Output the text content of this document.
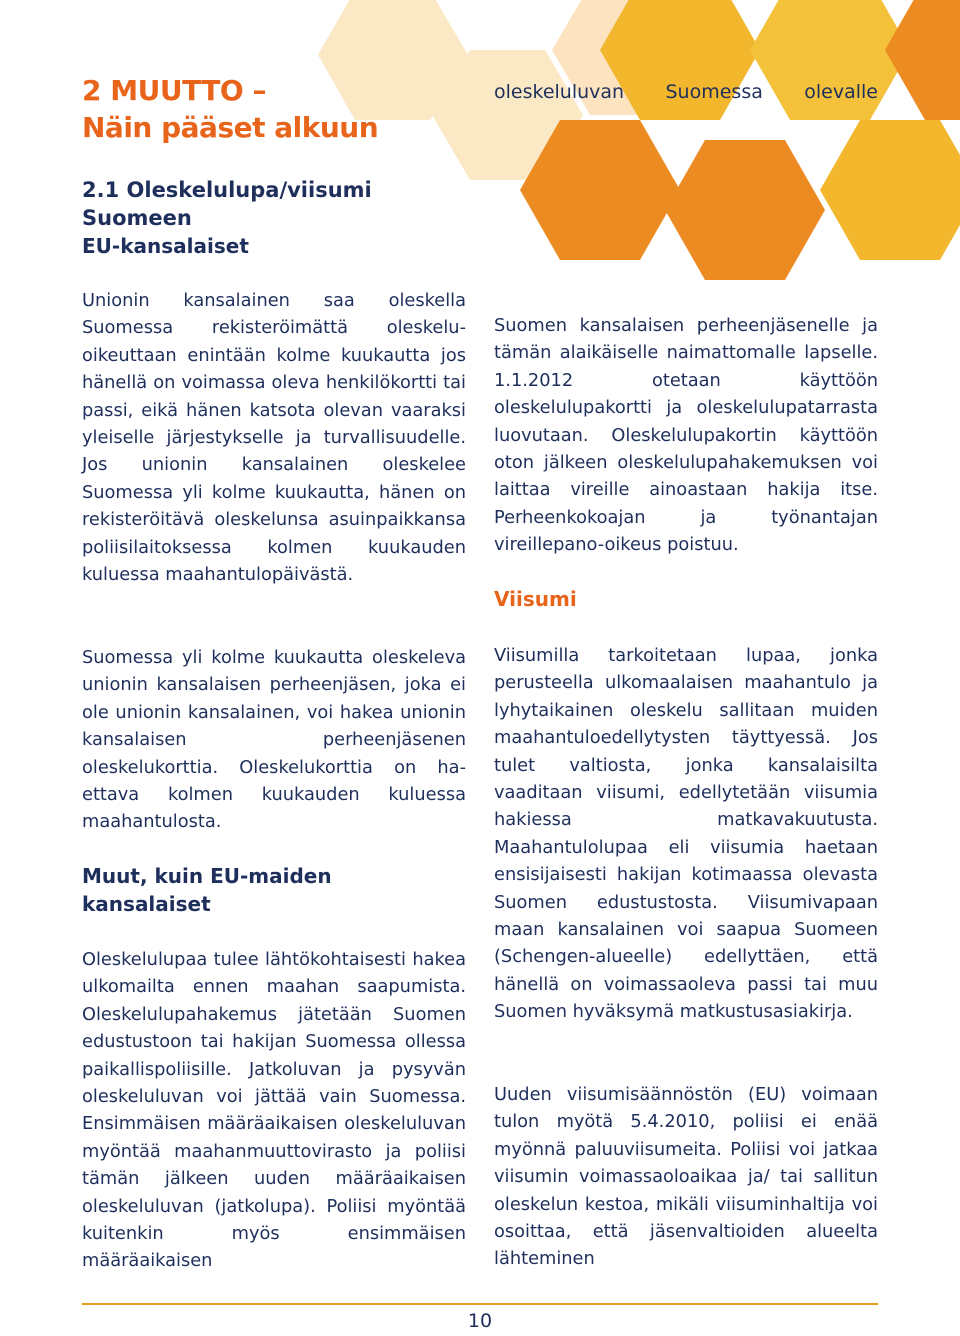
2 MUUTTO –
Näin pääset alkuun
2.1 Oleskelulupa/viisumi Suomeen
EU-kansalaiset

Unionin kansalainen saa oleskella Suomessa rekisteröimättä oleskeluoikeuttaan enintään kolme kuukautta jos hänellä on voimassa oleva henkilökortti tai passi, eikä hänen katsota olevan vaaraksi yleiselle järjestykselle ja turvallisuudelle. Jos unionin kansalainen oleskelee Suomessa yli kolme kuukautta, hänen on rekisteröitävä oleskelunsa asuinpaikkansa poliisilaitoksessa kolmen kuukauden kuluessa maahantulopäivästä.

Suomessa yli kolme kuukautta oleskeleva unionin kansalaisen perheenjäsen, joka ei ole unionin kansalainen, voi hakea unionin kansalaisen perheenjäsenen oleskelukorttia. Oleskelukorttia on haettava kolmen kuukauden kuluessa maahantulosta.

Muut, kuin EU-maiden
kansalaiset

Oleskelulupaa tulee lähtökohtaisesti hakea ulkomailta ennen maahan saapumista. Oleskelulupahakemus jätetään Suomen edustustoon tai hakijan Suomessa ollessa paikallispoliisille. Jatkoluvan ja pysyvän oleskeluluvan voi jättää vain Suomessa. Ensimmäisen määräaikaisen oleskeluluvan myöntää maahanmuuttovirasto ja poliisi tämän jälkeen uuden määräaikaisen oleskeluluvan (jatkolupa). Poliisi myöntää kuitenkin myös ensimmäisen määräaikaisen

oleskeluluvan Suomessa olevalle

Suomen kansalaisen perheenjäsenelle ja tämän alaikäiselle naimattomalle lapselle. 1.1.2012 otetaan käyttöön oleskelulupakortti ja oleskelulupatarrasta luovutaan. Oleskelulupakortin käyttöön oton jälkeen oleskelulupahakemuksen voi laittaa vireille ainoastaan hakija itse. Perheenkokoajan ja työnantajan vireillepano-oikeus poistuu.

Viisumi

Viisumilla tarkoitetaan lupaa, jonka perusteella ulkomaalaisen maahantulo ja lyhytaikainen oleskelu sallitaan muiden maahantuloedellytysten täyttyessä. Jos tulet valtiosta, jonka kansalaisilta vaaditaan viisumi, edellytetään viisumia hakiessa matkavakuutusta. Maahantulolupaa eli viisumia haetaan ensisijaisesti hakijan kotimaassa olevasta Suomen edustustosta. Viisumivapaan maan kansalainen voi saapua Suomeen (Schengen-alueelle) edellyttäen, että hänellä on voimassaoleva passi tai muu Suomen hyväksymä matkustusasiakirja.

Uuden viisumisäännöstön (EU) voimaan tulon myötä 5.4.2010, poliisi ei enää myönnä paluuviisumeita. Poliisi voi jatkaa viisumin voimassaoloaikaa ja/ tai sallitun oleskelun kestoa, mikäli viisuminhaltija voi osoittaa, että jäsenvaltioiden alueelta lähteminen

10
